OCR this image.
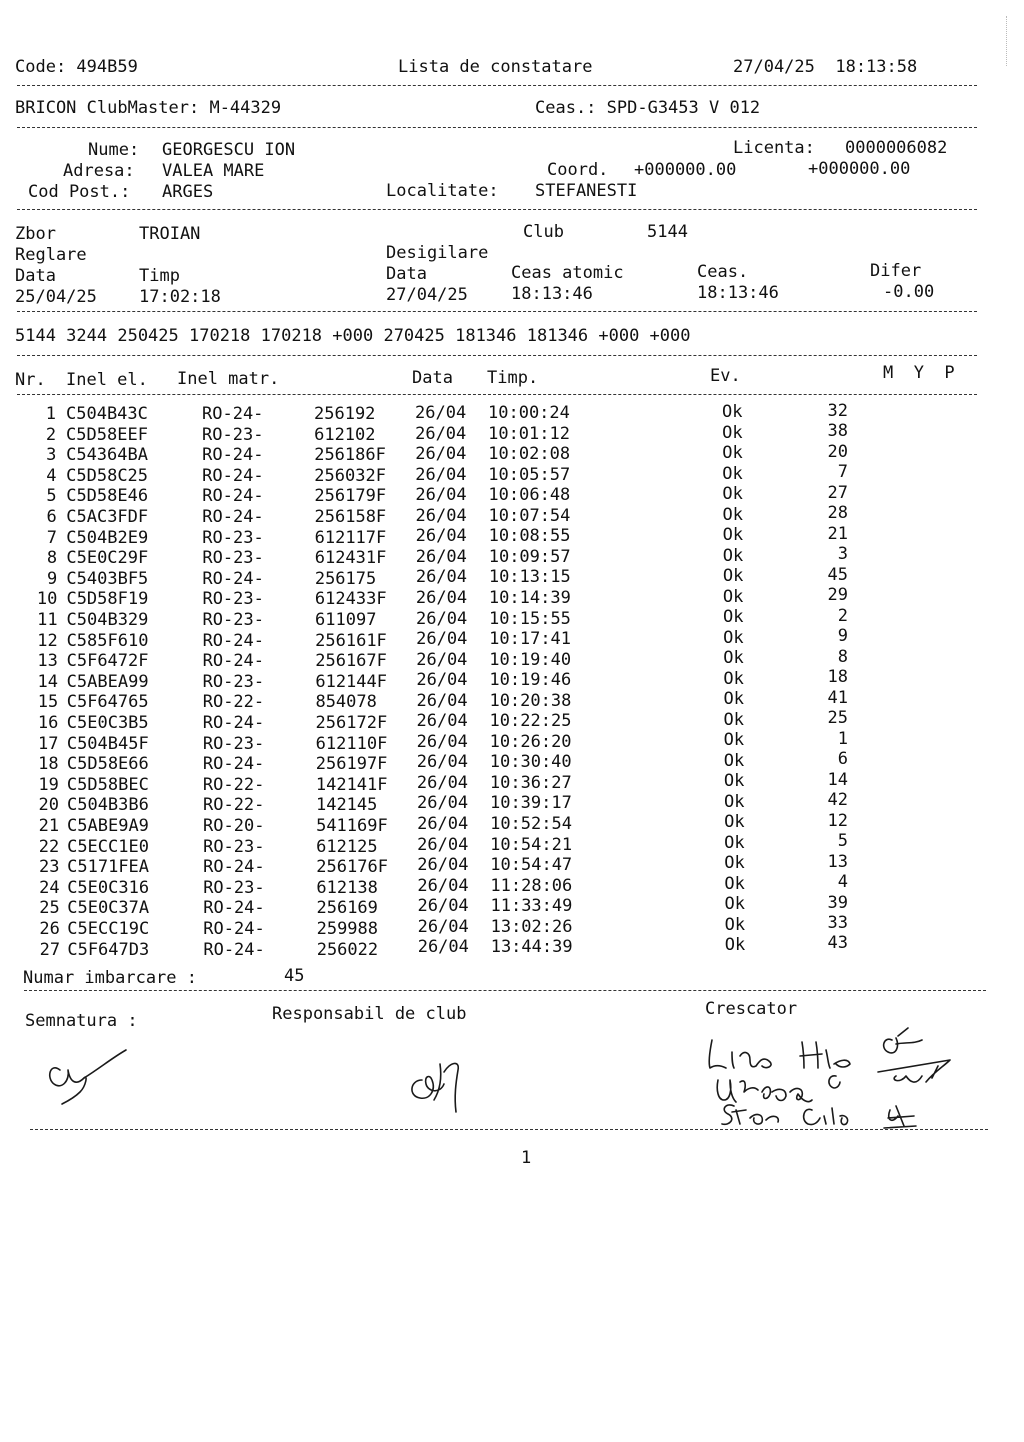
Code: 494B59	Lista de constatare	27/04/25  18:13:58
BRICON ClubMaster: M-44329	Ceas.: SPD-G3453 V 012
Nume: GEORGESCU ION	Licenta: 0000006082
Adresa: VALEA MARE	Coord. +000000.00	+000000.00
Cod Post.: ARGES	Localitate: STEFANESTI
Zbor	TROIAN	Club	5144
Reglare	Desigilare
Data	Timp	Data	Ceas atomic	Ceas.	Difer
25/04/25 17:02:18	27/04/25	18:13:46	18:13:46	-0.00
5144 3244 250425 170218 170218 +000 270425 181346 181346 +000 +000
Nr. Inel el. Inel matr.	Data Timp.	Ev.	M  Y  P
1 C504B43C	RO-24-	256192 26/04 10:00:24	Ok	32
2 C5D58EEF	RO-23-	612102 26/04 10:01:12	Ok	38
3 C54364BA	RO-24-	256186F 26/04 10:02:08	Ok	20
4 C5D58C25	RO-24-	256032F 26/04 10:05:57	Ok	7
5 C5D58E46	RO-24-	256179F 26/04 10:06:48	Ok	27
6 C5AC3FDF	RO-24-	256158F 26/04 10:07:54	Ok	28
7 C504B2E9	RO-23-	612117F 26/04 10:08:55	Ok	21
8 C5E0C29F	RO-23-	612431F 26/04 10:09:57	Ok	3
9 C5403BF5	RO-24-	256175 26/04 10:13:15	Ok	45
10 C5D58F19	RO-23-	612433F 26/04 10:14:39	Ok	29
11 C504B329	RO-23-	611097 26/04 10:15:55	Ok	2
12 C585F610	RO-24-	256161F 26/04 10:17:41	Ok	9
13 C5F6472F	RO-24-	256167F 26/04 10:19:40	Ok	8
14 C5ABEA99	RO-23-	612144F 26/04 10:19:46	Ok	18
15 C5F64765	RO-22-	854078 26/04 10:20:38	Ok	41
16 C5E0C3B5	RO-24-	256172F 26/04 10:22:25	Ok	25
17 C504B45F	RO-23-	612110F 26/04 10:26:20	Ok	1
18 C5D58E66	RO-24-	256197F 26/04 10:30:40	Ok	6
19 C5D58BEC	RO-22-	142141F 26/04 10:36:27	Ok	14
20 C504B3B6	RO-22-	142145 26/04 10:39:17	Ok	42
21 C5ABE9A9	RO-20-	541169F 26/04 10:52:54	Ok	12
22 C5ECC1E0	RO-23-	612125 26/04 10:54:21	Ok	5
23 C5171FEA	RO-24-	256176F 26/04 10:54:47	Ok	13
24 C5E0C316	RO-23-	612138 26/04 11:28:06	Ok	4
25 C5E0C37A	RO-24-	256169 26/04 11:33:49	Ok	39
26 C5ECC19C	RO-24-	259988 26/04 13:02:26	Ok	33
27 C5F647D3	RO-24-	256022 26/04 13:44:39	Ok	43
Numar imbarcare :	45
Semnatura :	Responsabil de club	Crescator
1
